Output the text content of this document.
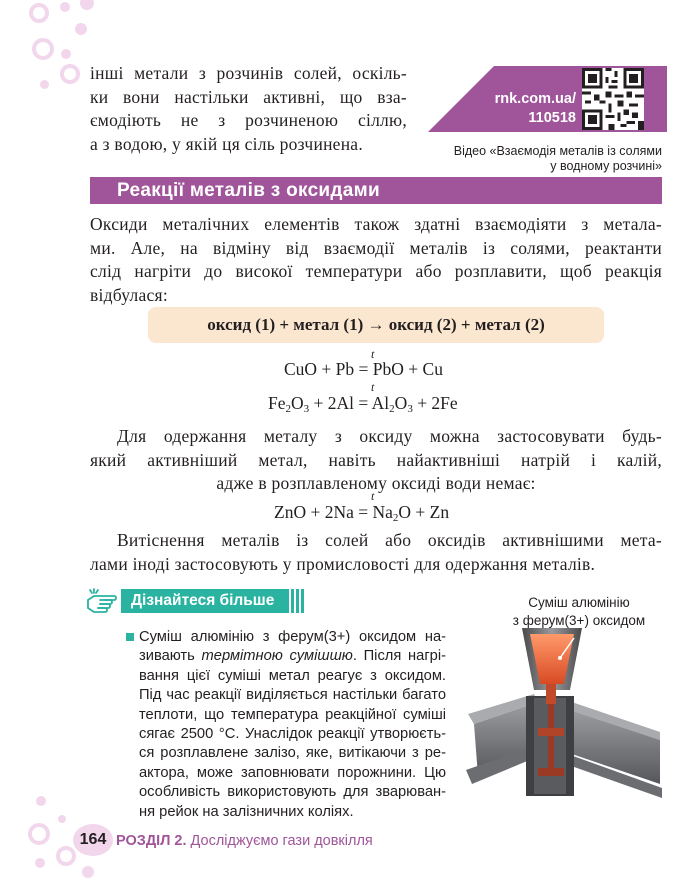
інші метали з розчинів солей, оскіль-
ки вони настільки активні, що вза-
ємодіють не з розчиненою сіллю,
а з водою, у якій ця сіль розчинена.
rnk.com.ua/
110518
Відео «Взаємодія металів із солями
у водному розчині»
Реакції металів з оксидами
Оксиди металічних елементів також здатні взаємодіяти з метала-
ми. Але, на відміну від взаємодії металів із солями, реактанти
слід нагріти до високої температури або розплавити, щоб реакція
відбулася:
оксид (1) + метал (1) → оксид (2) + метал (2)
t
CuO + Pb = PbO + Cu
t
$Fe_2O_3 + 2Al = Al_2O_3 + 2Fe$
Для одержання металу з оксиду можна застосовувати будь-
який активніший метал, навіть найактивніші натрій і калій,
адже в розплавленому оксиді води немає:
t
ZnO + $2Na = Na_2O + Zn$
Витіснення металів із солей або оксидів активнішими мета-
лами іноді застосовують у промисловості для одержання металів.
Дізнайтеся більше
Суміш алюмінію з ферум(3+) оксидом на-
зивають термітною сумішшю. Після нагрі-
вання цієї суміші метал реагує з оксидом.
Під час реакції виділяється настільки багато
теплоти, що температура реакційної суміші
сягає 2500 °С. Унаслідок реакції утворюєть-
ся розплавлене залізо, яке, витікаючи з ре-
актора, може заповнювати порожнини. Цю
особливість використовують для зварюван-
ня рейок на залізничних коліях.
Суміш алюмінію
з ферум(3+) оксидом
164 РОЗДІЛ 2. Досліджуємо гази довкілля
